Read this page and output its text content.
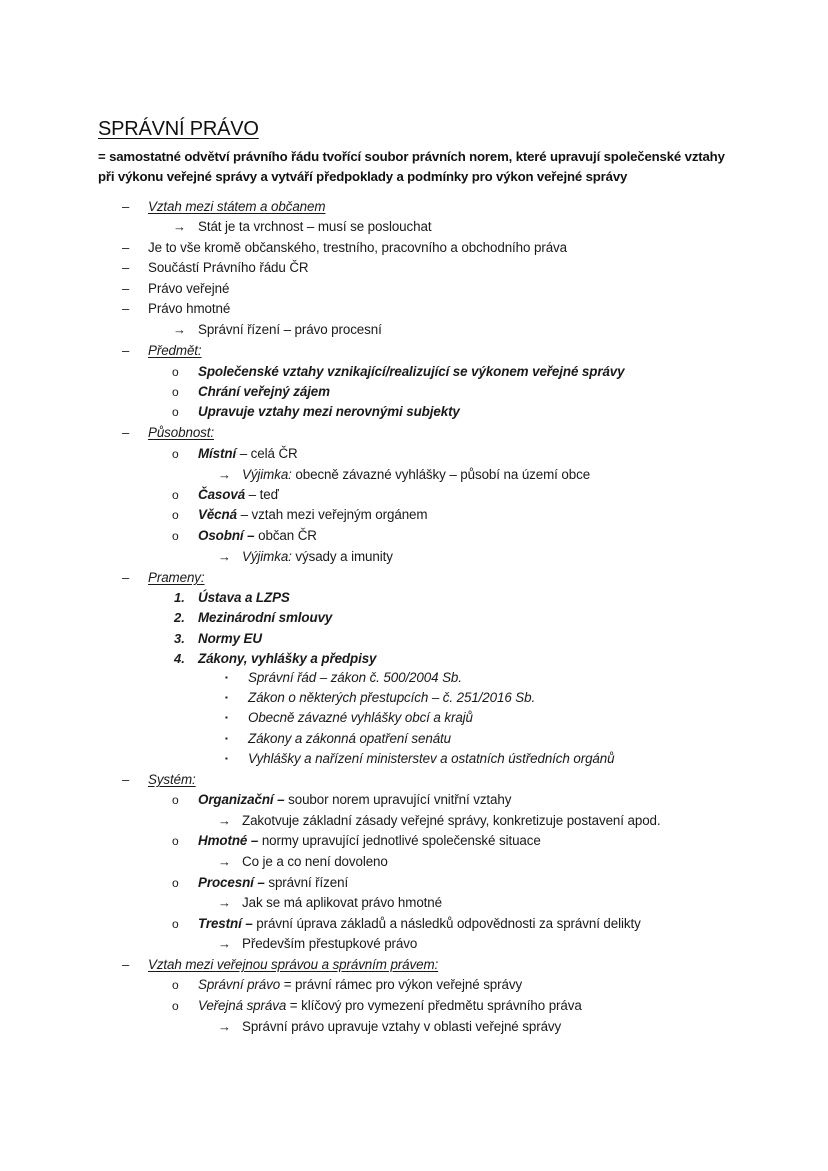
SPRÁVNÍ PRÁVO
= samostatné odvětví právního řádu tvořící soubor právních norem, které upravují společenské vztahy při výkonu veřejné správy a vytváří předpoklady a podmínky pro výkon veřejné správy
– Vztah mezi státem a občanem
→ Stát je ta vrchnost – musí se poslouchat
– Je to vše kromě občanského, trestního, pracovního a obchodního práva
– Součástí Právního řádu ČR
– Právo veřejné
– Právo hmotné
→ Správní řízení – právo procesní
– Předmět:
o Společenské vztahy vznikající/realizující se výkonem veřejné správy
o Chrání veřejný zájem
o Upravuje vztahy mezi nerovnými subjekty
– Působnost:
o Místní – celá ČR
→ Výjimka: obecně závazné vyhlášky – působí na území obce
o Časová – teď
o Věcná – vztah mezi veřejným orgánem
o Osobní – občan ČR
→ Výjimka: výsady a imunity
– Prameny:
1. Ústava a LZPS
2. Mezinárodní smlouvy
3. Normy EU
4. Zákony, vyhlášky a předpisy
▪ Správní řád – zákon č. 500/2004 Sb.
▪ Zákon o některých přestupcích – č. 251/2016 Sb.
▪ Obecně závazné vyhlášky obcí a krajů
▪ Zákony a zákonná opatření senátu
▪ Vyhlášky a nařízení ministerstev a ostatních ústředních orgánů
– Systém:
o Organizační – soubor norem upravující vnitřní vztahy
→ Zakotvuje základní zásady veřejné správy, konkretizuje postavení apod.
o Hmotné – normy upravující jednotlivé společenské situace
→ Co je a co není dovoleno
o Procesní – správní řízení
→ Jak se má aplikovat právo hmotné
o Trestní – právní úprava základů a následků odpovědnosti za správní delikty
→ Především přestupkové právo
– Vztah mezi veřejnou správou a správním právem:
o Správní právo = právní rámec pro výkon veřejné správy
o Veřejná správa = klíčový pro vymezení předmětu správního práva
→ Správní právo upravuje vztahy v oblasti veřejné správy
